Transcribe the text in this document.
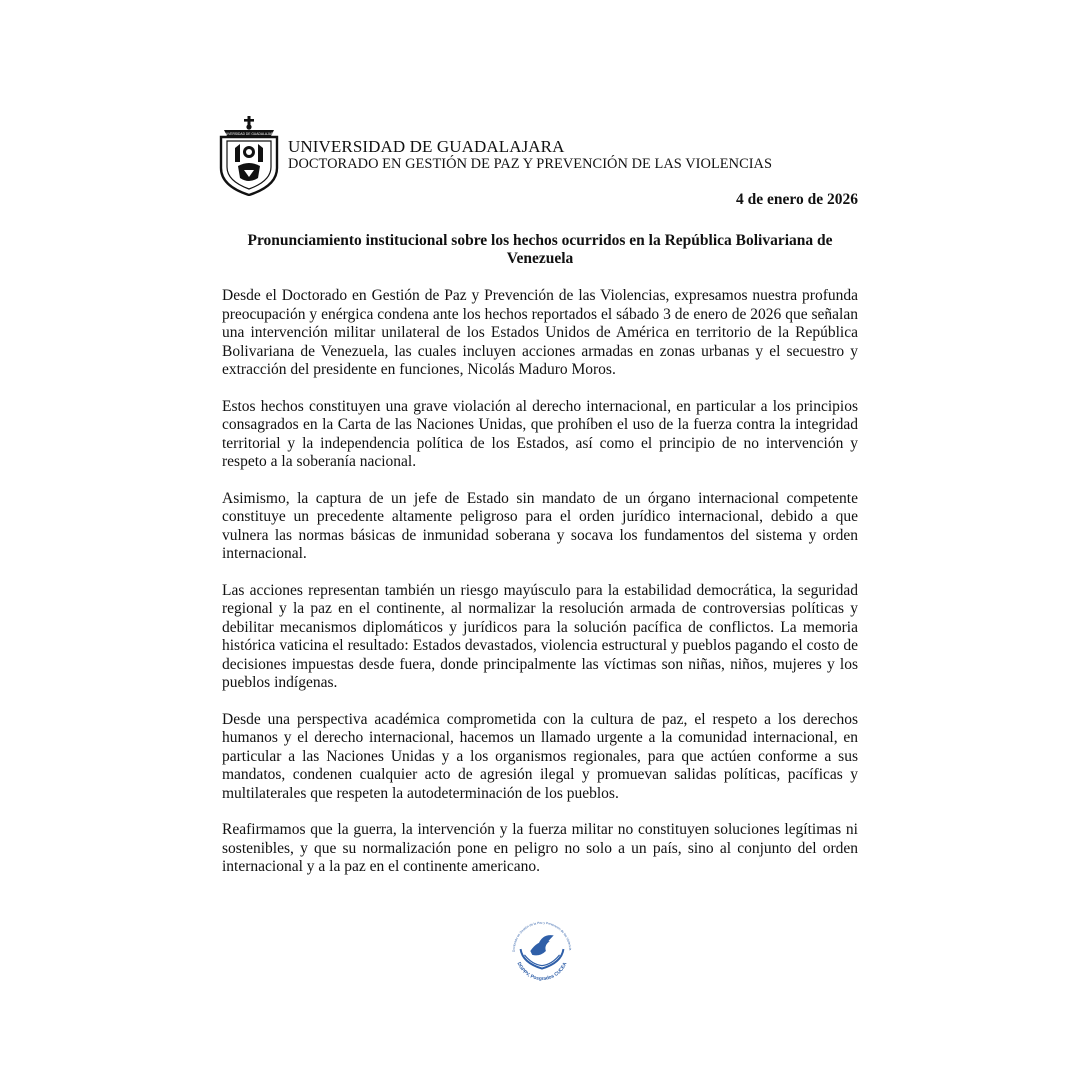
UNIVERSIDAD DE GUADALAJARA
UNIVERSIDAD DE GUADALAJARA
DOCTORADO EN GESTIÓN DE PAZ Y PREVENCIÓN DE LAS VIOLENCIAS
4 de enero de 2026
Pronunciamiento institucional sobre los hechos ocurridos en la República Bolivariana de Venezuela

Desde el Doctorado en Gestión de Paz y Prevención de las Violencias, expresamos nuestra profunda preocupación y enérgica condena ante los hechos reportados el sábado 3 de enero de 2026 que señalan una intervención militar unilateral de los Estados Unidos de América en territorio de la República Bolivariana de Venezuela, las cuales incluyen acciones armadas en zonas urbanas y el secuestro y extracción del presidente en funciones, Nicolás Maduro Moros.

Estos hechos constituyen una grave violación al derecho internacional, en particular a los principios consagrados en la Carta de las Naciones Unidas, que prohíben el uso de la fuerza contra la integridad territorial y la independencia política de los Estados, así como el principio de no intervención y respeto a la soberanía nacional.

Asimismo, la captura de un jefe de Estado sin mandato de un órgano internacional competente constituye un precedente altamente peligroso para el orden jurídico internacional, debido a que vulnera las normas básicas de inmunidad soberana y socava los fundamentos del sistema y orden internacional.

Las acciones representan también un riesgo mayúsculo para la estabilidad democrática, la seguridad regional y la paz en el continente, al normalizar la resolución armada de controversias políticas y debilitar mecanismos diplomáticos y jurídicos para la solución pacífica de conflictos. La memoria histórica vaticina el resultado: Estados devastados, violencia estructural y pueblos pagando el costo de decisiones impuestas desde fuera, donde principalmente las víctimas son niñas, niños, mujeres y los pueblos indígenas.

Desde una perspectiva académica comprometida con la cultura de paz, el respeto a los derechos humanos y el derecho internacional, hacemos un llamado urgente a la comunidad internacional, en particular a las Naciones Unidas y a los organismos regionales, para que actúen conforme a sus mandatos, condenen cualquier acto de agresión ilegal y promuevan salidas políticas, pacíficas y multilaterales que respeten la autodeterminación de los pueblos.

Reafirmamos que la guerra, la intervención y la fuerza militar no constituyen soluciones legítimas ni sostenibles, y que su normalización pone en peligro no solo a un país, sino al conjunto del orden internacional y a la paz en el continente americano.

Doctorado en Gestión de la Paz y Prevención de las Violencia
DGPPV, Posgrados CUCEA
